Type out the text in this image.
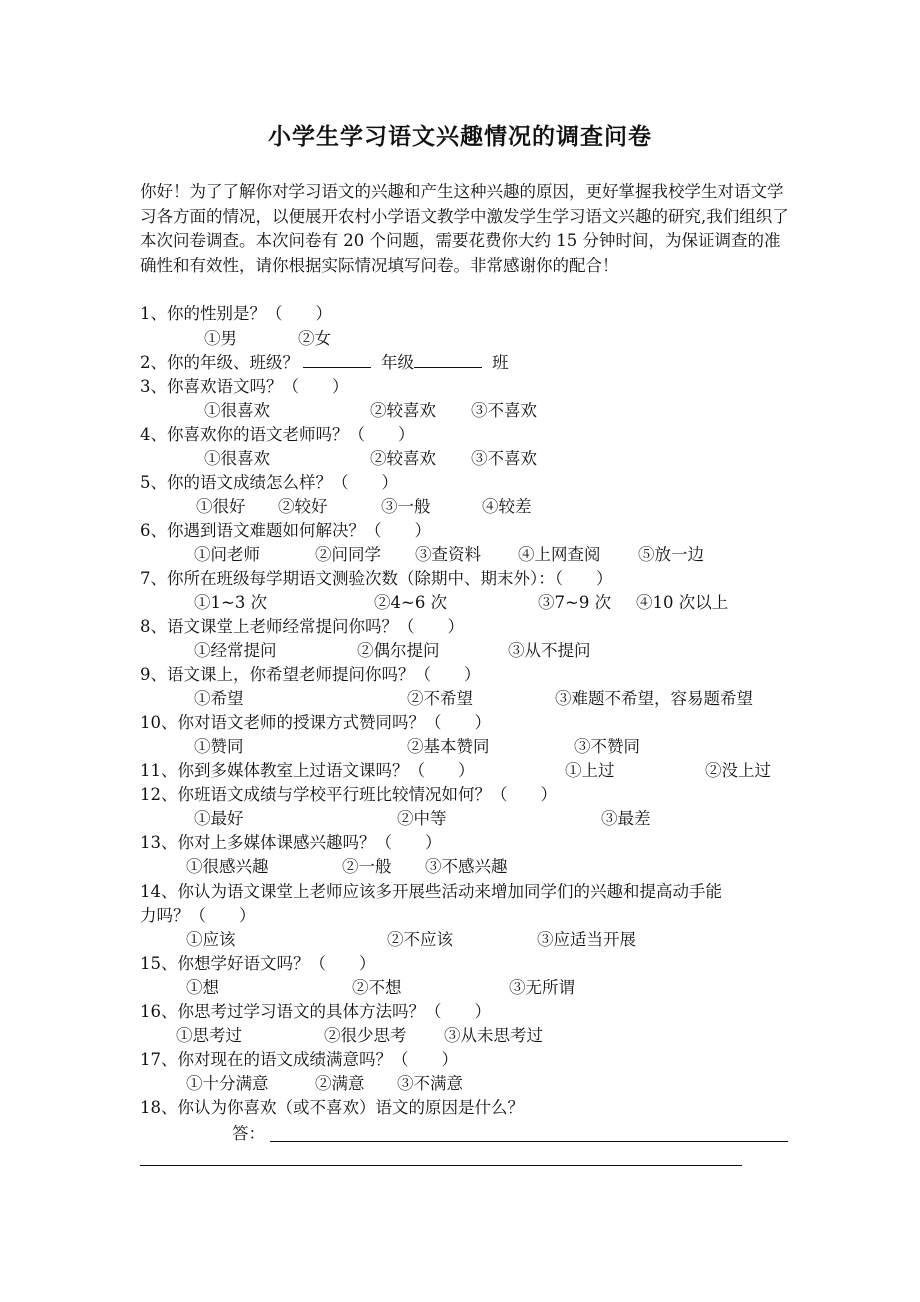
小学生学习语文兴趣情况的调查问卷

你好！为了了解你对学习语文的兴趣和产生这种兴趣的原因，更好掌握我校学生对语文学习各方面的情况，以便展开农村小学语文教学中激发学生学习语文兴趣的研究,我们组织了本次问卷调查。本次问卷有 20 个问题，需要花费你大约 15 分钟时间，为保证调查的准确性和有效性，请你根据实际情况填写问卷。非常感谢你的配合！

1、你的性别是？（　　）
①男	②女
2、你的年级、班级？	年级	班
3、你喜欢语文吗？（　　）
①很喜欢	②较喜欢 ③不喜欢
4、你喜欢你的语文老师吗？（　　）
①很喜欢	②较喜欢 ③不喜欢
5、你的语文成绩怎么样？（　　）
①很好 ②较好	③一般	④较差
6、你遇到语文难题如何解决？（　　）
①问老师	②问同学 ③查资料 ④上网查阅 ⑤放一边
7、你所在班级每学期语文测验次数（除期中、期末外）：（　　）
①1~3 次	②4~6 次	③7~9 次 ④10 次以上
8、语文课堂上老师经常提问你吗？（　　）
①经常提问	②偶尔提问	③从不提问
9、语文课上，你希望老师提问你吗？（　　）
①希望	②不希望	③难题不希望，容易题希望
10、你对语文老师的授课方式赞同吗？（　　）
①赞同	②基本赞同	③不赞同
11、你到多媒体教室上过语文课吗？（　　）	①上过	②没上过
12、你班语文成绩与学校平行班比较情况如何？（　　）
①最好	②中等	③最差
13、你对上多媒体课感兴趣吗？（　　）
①很感兴趣	②一般 ③不感兴趣
14、你认为语文课堂上老师应该多开展些活动来增加同学们的兴趣和提高动手能
力吗？（　　）
①应该	②不应该	③应适当开展
15、你想学好语文吗？（　　）
①想	②不想	③无所谓
16、你思考过学习语文的具体方法吗？（　　）
①思考过	②很少思考 ③从未思考过
17、你对现在的语文成绩满意吗？（　　）
①十分满意	②满意 ③不满意
18、你认为你喜欢（或不喜欢）语文的原因是什么？
答：
